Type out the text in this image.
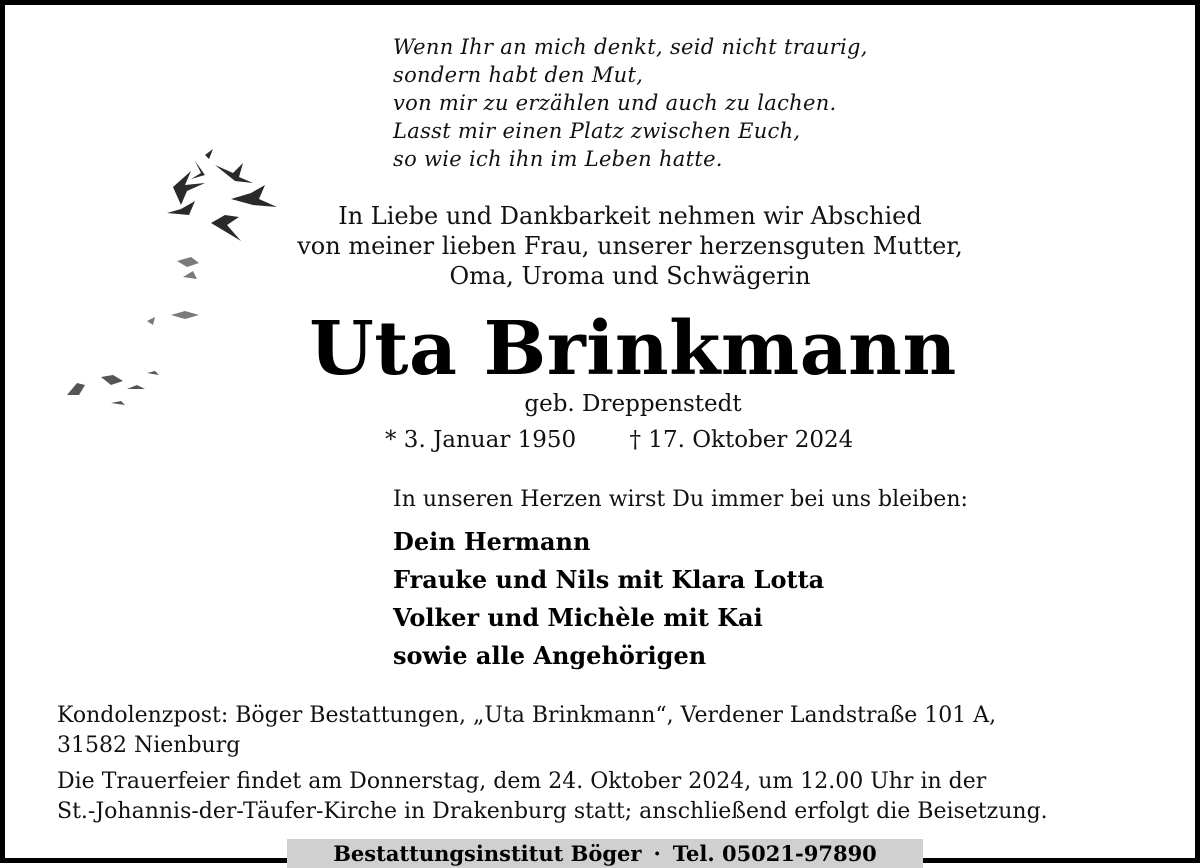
Wenn Ihr an mich denkt, seid nicht traurig,
sondern habt den Mut,
von mir zu erzählen und auch zu lachen.
Lasst mir einen Platz zwischen Euch,
so wie ich ihn im Leben hatte.
In Liebe und Dankbarkeit nehmen wir Abschied
von meiner lieben Frau, unserer herzensguten Mutter,
Oma, Uroma und Schwägerin
Uta Brinkmann
geb. Dreppenstedt
* 3. Januar 1950 † 17. Oktober 2024
In unseren Herzen wirst Du immer bei uns bleiben:
Dein Hermann
Frauke und Nils mit Klara Lotta
Volker und Michèle mit Kai
sowie alle Angehörigen
Kondolenzpost: Böger Bestattungen, „Uta Brinkmann“, Verdener Landstraße 101 A,
31582 Nienburg
Die Trauerfeier findet am Donnerstag, dem 24. Oktober 2024, um 12.00 Uhr in der
St.-Johannis-der-Täufer-Kirche in Drakenburg statt; anschließend erfolgt die Beisetzung.
Bestattungsinstitut Böger · Tel. 05021-97890
